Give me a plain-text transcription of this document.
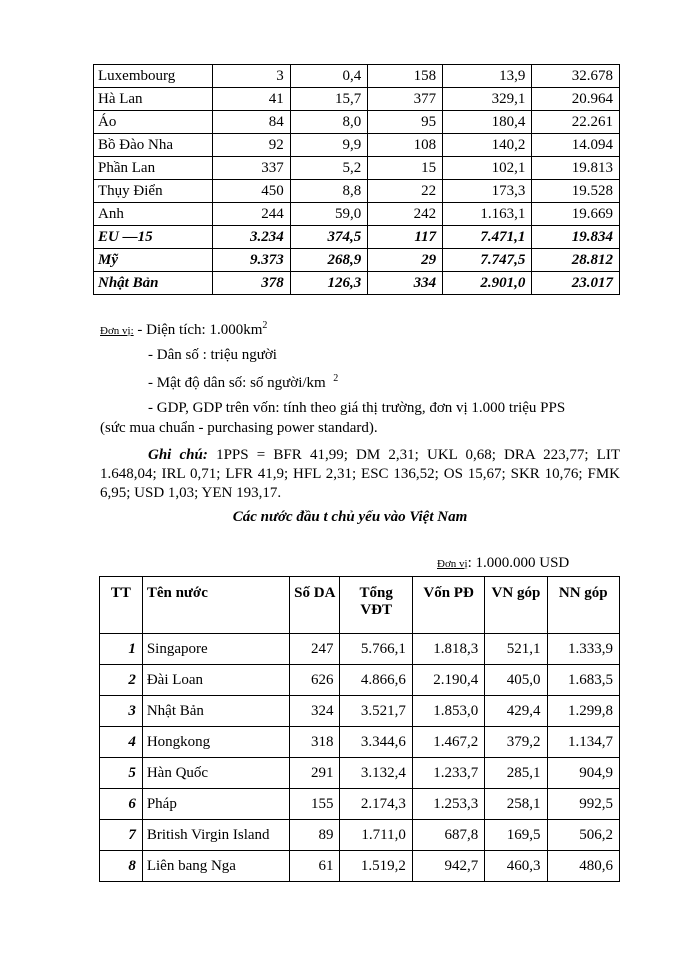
Luxembourg	3	0,4	158	13,9	32.678
Hà Lan	41	15,7	377	329,1	20.964
Áo	84	8,0	95	180,4	22.261
Bồ Đào Nha	92	9,9	108	140,2	14.094
Phần Lan	337	5,2	15	102,1	19.813
Thụy Điển	450	8,8	22	173,3	19.528
Anh	244	59,0	242	1.163,1	19.669
EU —15	3.234	374,5	117	7.471,1	19.834
Mỹ	9.373	268,9	29	7.747,5	28.812
Nhật Bản	378	126,3	334	2.901,0	23.017
Đơn vị: - Diện tích: $1.000km^2$
- Dân số : triệu người
- Mật độ dân số: số người/km $^2$
- GDP, GDP trên vốn: tính theo giá thị trường, đơn vị 1.000 triệu PPS
(sức mua chuẩn - purchasing power standard).
Ghi chú: 1PPS = BFR 41,99; DM 2,31; UKL 0,68; DRA 223,77; LIT 1.648,04; IRL 0,71; LFR 41,9; HFL 2,31; ESC 136,52; OS 15,67; SKR 10,76; FMK 6,95; USD 1,03; YEN 193,17.
Các nước đầu t chủ yếu vào Việt Nam
Đơn vị: 1.000.000 USD
TT	Tên nước	Số DA	Tổng VĐT	Vốn PĐ	VN góp	NN góp
1	Singapore	247	5.766,1	1.818,3	521,1	1.333,9
2	Đài Loan	626	4.866,6	2.190,4	405,0	1.683,5
3	Nhật Bản	324	3.521,7	1.853,0	429,4	1.299,8
4	Hongkong	318	3.344,6	1.467,2	379,2	1.134,7
5	Hàn Quốc	291	3.132,4	1.233,7	285,1	904,9
6	Pháp	155	2.174,3	1.253,3	258,1	992,5
7	British Virgin Island	89	1.711,0	687,8	169,5	506,2
8	Liên bang Nga	61	1.519,2	942,7	460,3	480,6
